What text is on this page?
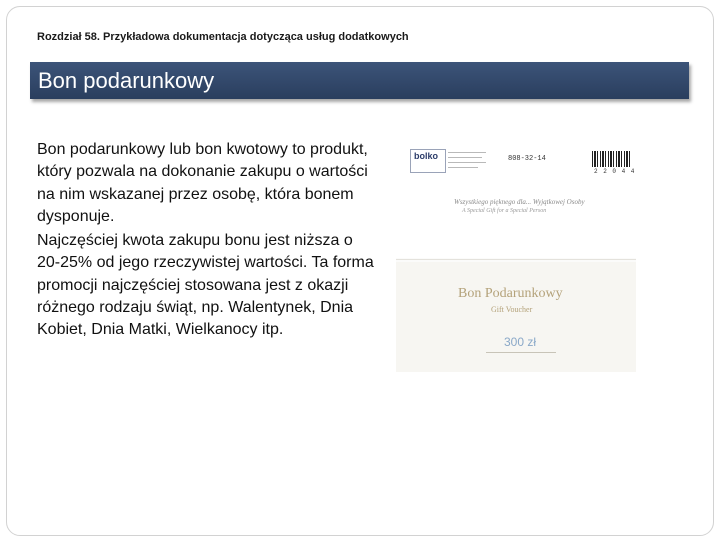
Rozdział 58. Przykładowa dokumentacja dotycząca usług dodatkowych
Bon podarunkowy

Bon podarunkowy lub bon kwotowy to produkt, który pozwala na dokonanie zakupu o wartości na nim wskazanej przez osobę, która bonem dysponuje.

Najczęściej kwota zakupu bonu jest niższa o 20-25% od jego rzeczywistej wartości. Ta forma promocji najczęściej stosowana jest z okazji różnego rodzaju świąt, np. Walentynek, Dnia Kobiet, Dnia Matki, Wielkanocy itp.

bolko	808-32-14
2 2 0 4 4
Wszystkiego pięknego dla... Wyjątkowej Osoby
A Special Gift for a Special Person
Bon Podarunkowy
Gift Voucher
300 zł
